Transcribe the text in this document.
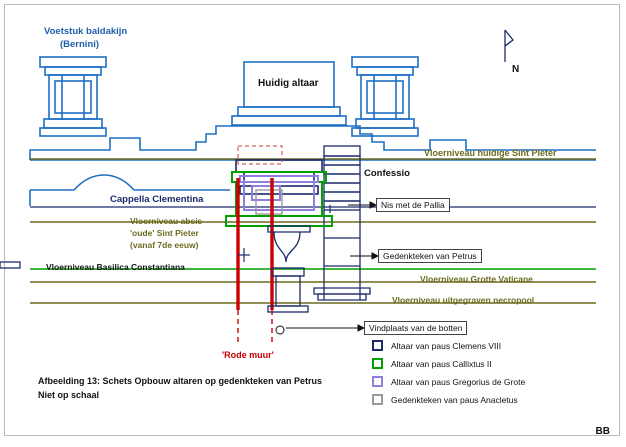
Voetstuk baldakijn
(Bernini)
Huidig altaar
N
Vloerniveau huidige Sint Pieter
Confessio
Cappella Clementina	Nis met de Pallia
Vloerniveau absis
'oude' Sint Pieter
(vanaf 7de eeuw)
Gedenkteken van Petrus
Vloerniveau Basilica Constantiana
Vloerniveau Grotte Vaticane
Vloerniveau uitgegraven necropool
Vindplaats van de botten
'Rode muur'
Altaar van paus Clemens VIII
Altaar van paus Callixtus II
Altaar van paus Gregorius de Grote
Gedenkteken van paus Anacletus
Afbeelding 13: Schets Opbouw altaren op gedenkteken van Petrus
Niet op schaal
BB
